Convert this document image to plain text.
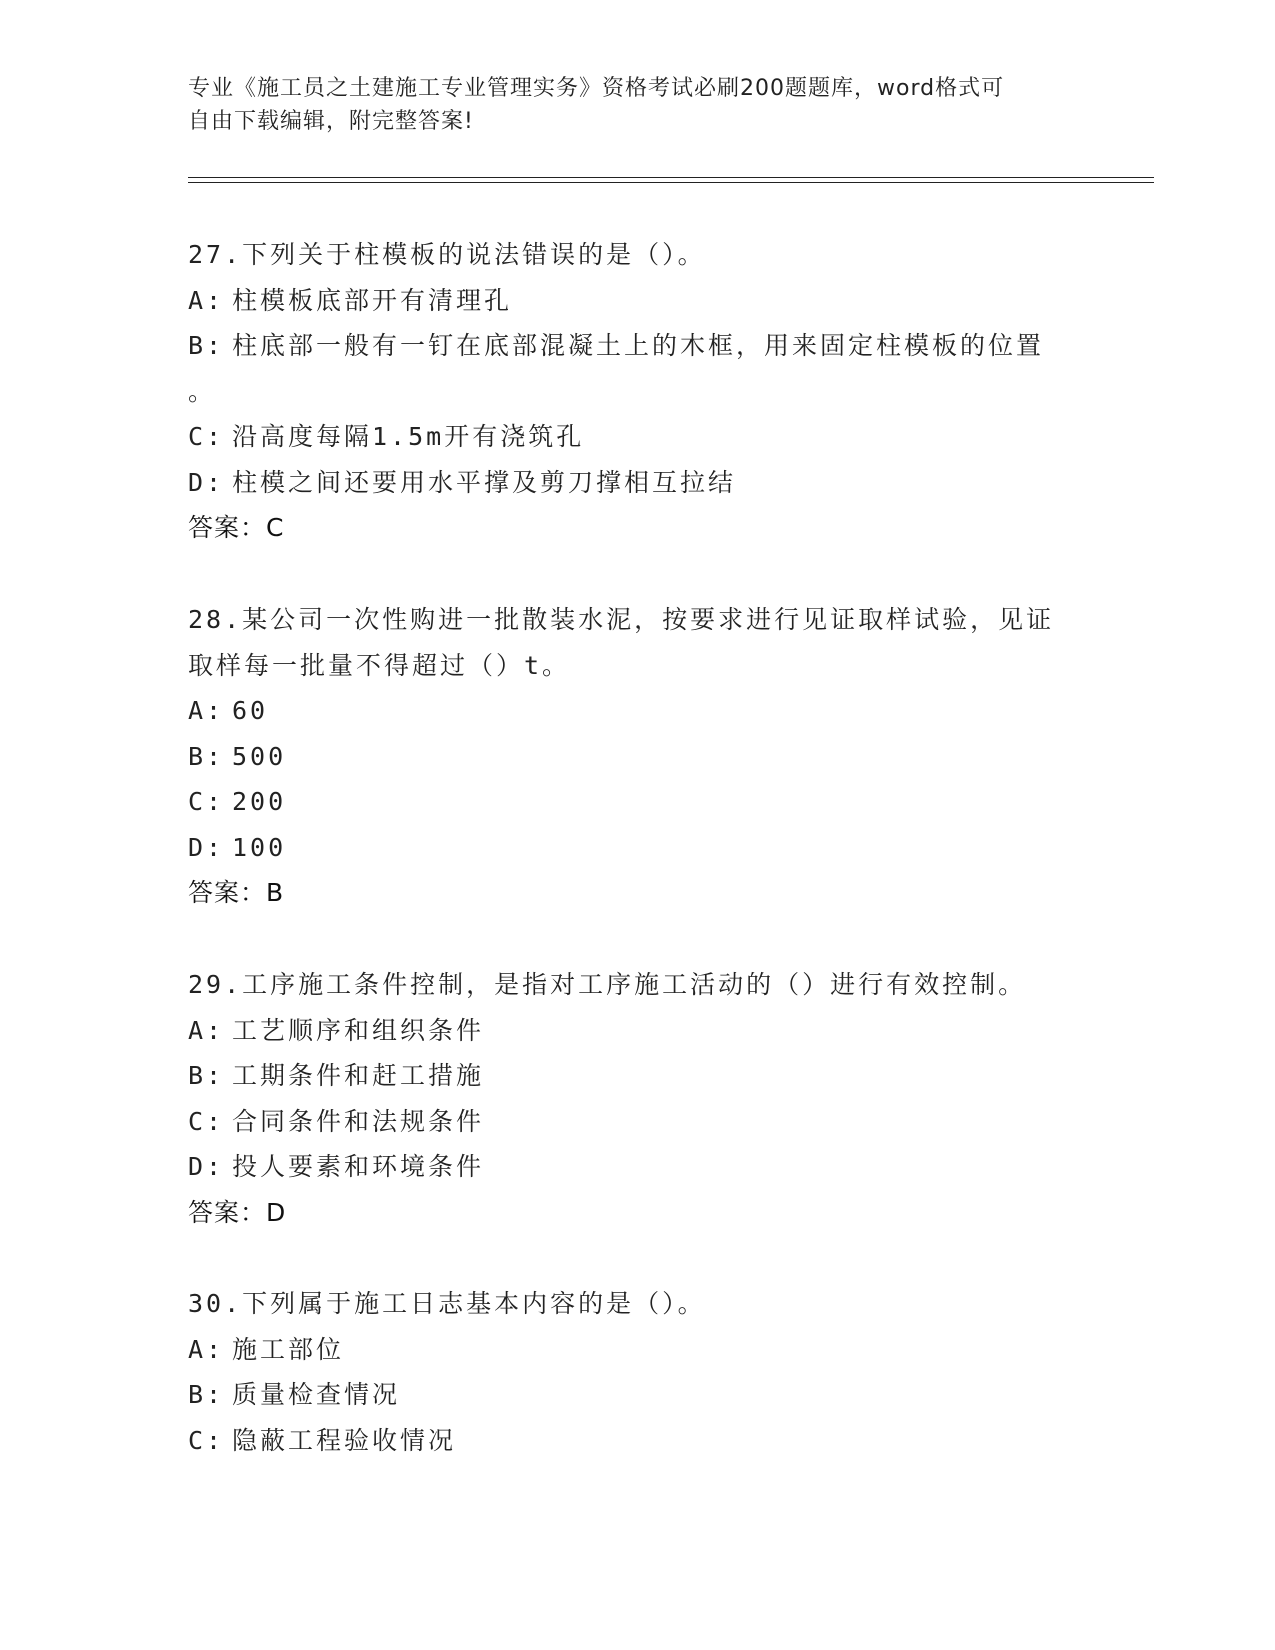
专业《施工员之土建施工专业管理实务》资格考试必刷200题题库，word格式可
自由下载编辑，附完整答案!
27.下列关于柱模板的说法错误的是（）。
A: 柱模板底部开有清理孔
B: 柱底部一般有一钉在底部混凝土上的木框，用来固定柱模板的位置
。
C: 沿高度每隔1.5m开有浇筑孔
D: 柱模之间还要用水平撑及剪刀撑相互拉结
答案：C
28.某公司一次性购进一批散装水泥，按要求进行见证取样试验，见证
取样每一批量不得超过（）t。
A: 60
B: 500
C: 200
D: 100
答案：B
29.工序施工条件控制，是指对工序施工活动的（）进行有效控制。
A: 工艺顺序和组织条件
B: 工期条件和赶工措施
C: 合同条件和法规条件
D: 投人要素和环境条件
答案：D
30.下列属于施工日志基本内容的是（）。
A: 施工部位
B: 质量检查情况
C: 隐蔽工程验收情况
